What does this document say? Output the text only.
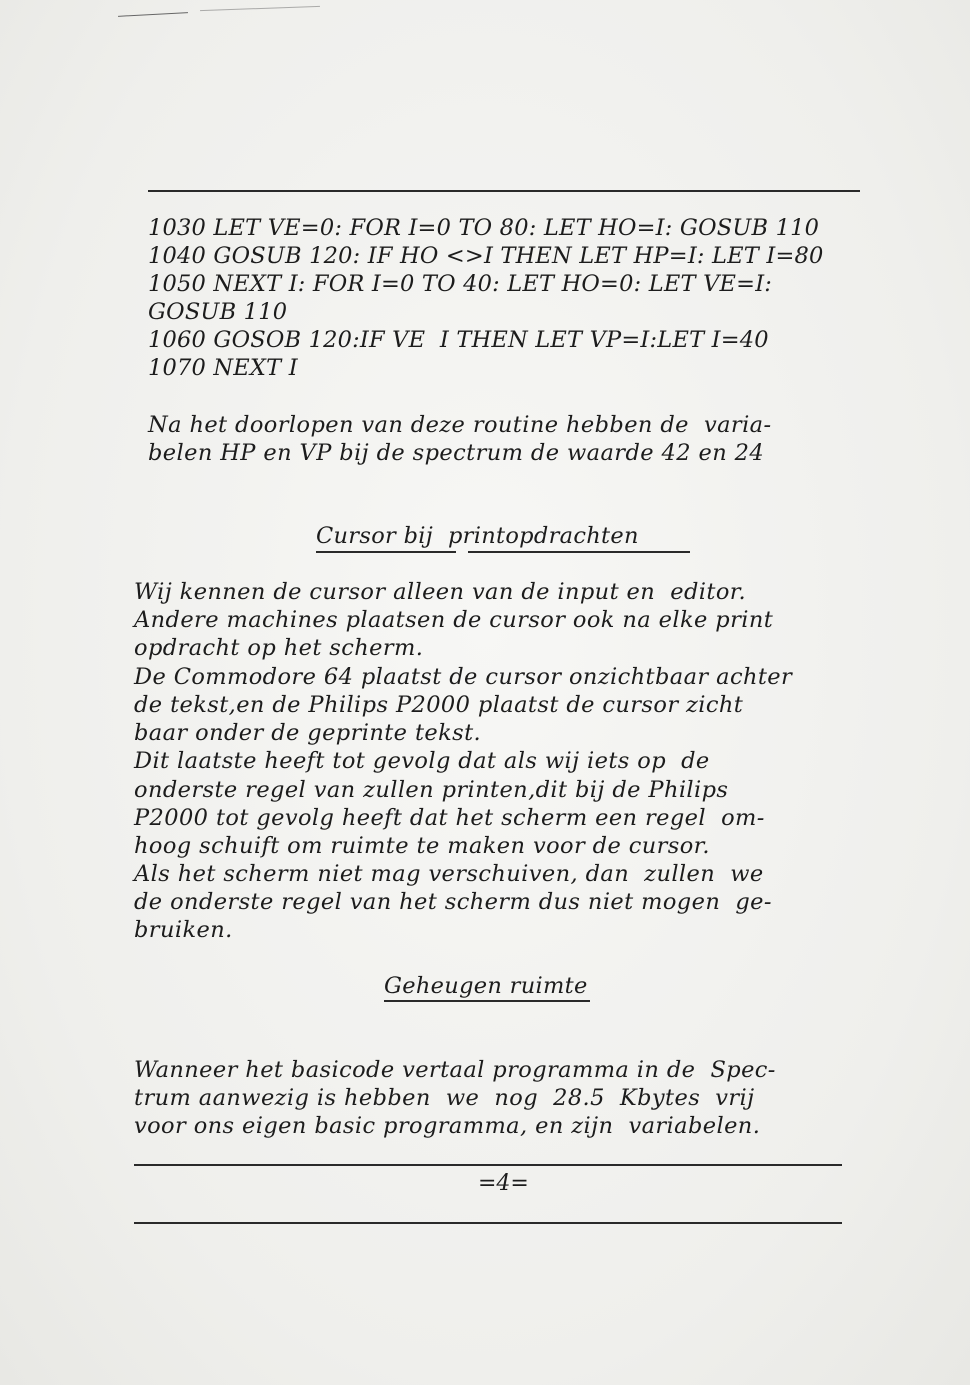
1030 LET VE=0: FOR I=0 TO 80: LET HO=I: GOSUB 110
1040 GOSUB 120: IF HO <>I THEN LET HP=I: LET I=80
1050 NEXT I: FOR I=0 TO 40: LET HO=0: LET VE=I:
GOSUB 110
1060 GOSOB 120:IF VE  I THEN LET VP=I:LET I=40
1070 NEXT I
Na het doorlopen van deze routine hebben de  varia-
belen HP en VP bij de spectrum de waarde 42 en 24
Cursor bij  printopdrachten
Wij kennen de cursor alleen van de input en  editor.
Andere machines plaatsen de cursor ook na elke print
opdracht op het scherm.
De Commodore 64 plaatst de cursor onzichtbaar achter
de tekst,en de Philips P2000 plaatst de cursor zicht
baar onder de geprinte tekst.
Dit laatste heeft tot gevolg dat als wij iets op  de
onderste regel van zullen printen,dit bij de Philips
P2000 tot gevolg heeft dat het scherm een regel  om-
hoog schuift om ruimte te maken voor de cursor.
Als het scherm niet mag verschuiven, dan  zullen  we
de onderste regel van het scherm dus niet mogen  ge-
bruiken.
Geheugen ruimte
Wanneer het basicode vertaal programma in de  Spec-
trum aanwezig is hebben  we  nog  28.5  Kbytes  vrij
voor ons eigen basic programma, en zijn  variabelen.
=4=
